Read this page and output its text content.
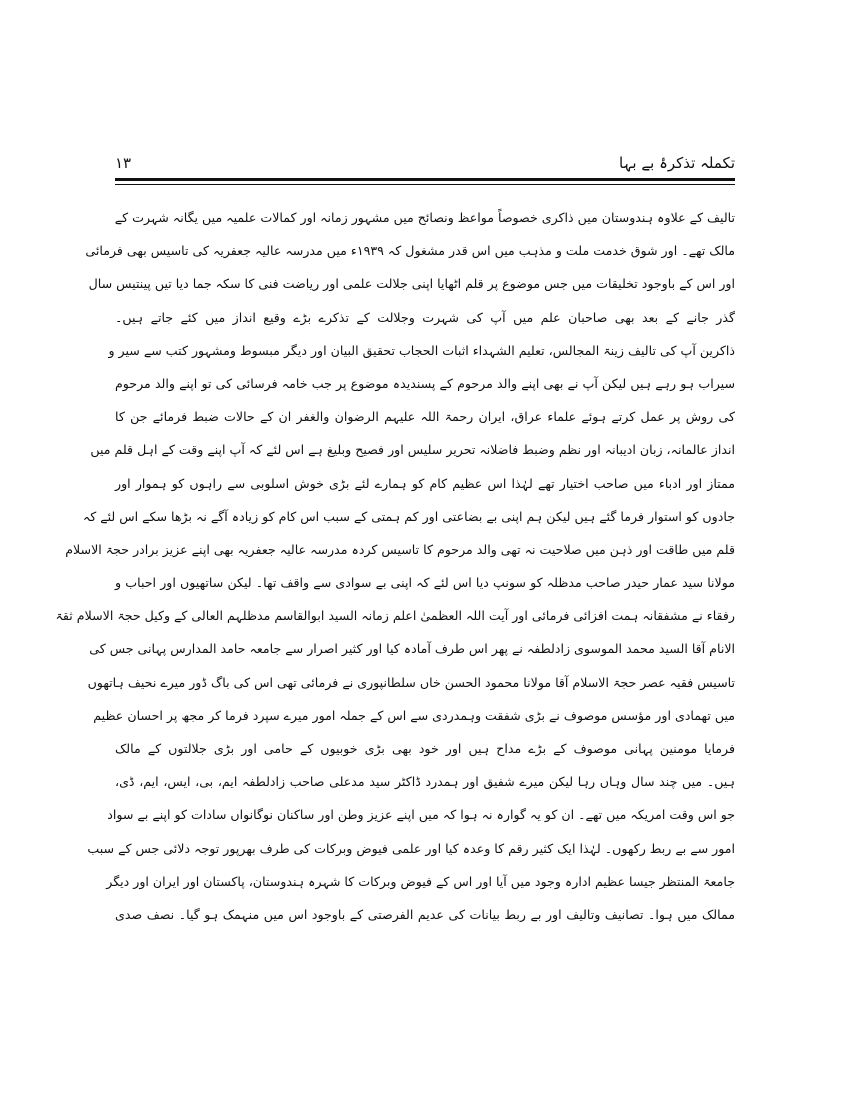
تکملہ تذکرۂ بے بہا
۱۳
تالیف کے علاوہ ہندوستان میں ذاکری خصوصاً مواعظ ونصائح میں مشہور زمانہ اور کمالات علمیہ میں یگانہ شہرت کے
مالک تھے۔ اور شوق خدمت ملت و مذہب میں اس قدر مشغول کہ ۱۹۳۹ء میں مدرسہ عالیہ جعفریہ کی تاسیس بھی فرمائی
اور اس کے باوجود تخلیقات میں جس موضوع پر قلم اٹھایا اپنی جلالت علمی اور ریاضت فنی کا سکہ جما دیا تیں پینتیس سال
گذر جانے کے بعد بھی صاحبان علم میں آپ کی شہرت وجلالت کے تذکرے بڑے وقیع انداز میں کئے جاتے ہیں۔
ذاکرین آپ کی تالیف زینۃ المجالس، تعلیم الشہداء اثبات الحجاب تحقیق البیان اور دیگر مبسوط ومشہور کتب سے سیر و
سیراب ہو رہے ہیں لیکن آپ نے بھی اپنے والد مرحوم کے پسندیدہ موضوع پر جب خامہ فرسائی کی تو اپنے والد مرحوم
کی روش پر عمل کرتے ہوئے علماء عراق، ایران رحمۃ اللہ علیہم الرضوان والغفر ان کے حالات ضبط فرمائے جن کا
انداز عالمانہ، زبان ادیبانہ اور نظم وضبط فاضلانہ تحریر سلیس اور فصیح وبلیغ ہے اس لئے کہ آپ اپنے وقت کے اہل قلم میں
ممتاز اور ادباء میں صاحب اختیار تھے لہٰذا اس عظیم کام کو ہمارے لئے بڑی خوش اسلوبی سے راہوں کو ہموار اور
جادوں کو استوار فرما گئے ہیں لیکن ہم اپنی بے بضاعتی اور کم ہمتی کے سبب اس کام کو زیادہ آگے نہ بڑھا سکے اس لئے کہ
قلم میں طاقت اور ذہن میں صلاحیت نہ تھی والد مرحوم کا تاسیس کردہ مدرسہ عالیہ جعفریہ بھی اپنے عزیز برادر حجۃ الاسلام
مولانا سید عمار حیدر صاحب مدظلہ کو سونپ دیا اس لئے کہ اپنی بے سوادی سے واقف تھا۔ لیکن ساتھیوں اور احباب و
رفقاء نے مشفقانہ ہمت افزائی فرمائی اور آیت اللہ العظمیٰ اعلم زمانہ السید ابوالقاسم مدظلہم العالی کے وکیل حجۃ الاسلام ثقۃ
الانام آقا السید محمد الموسوی زادلطفہ نے پھر اس طرف آمادہ کیا اور کثیر اصرار سے جامعہ حامد المدارس پہانی جس کی
تاسیس فقیہ عصر حجۃ الاسلام آقا مولانا محمود الحسن خاں سلطانپوری نے فرمائی تھی اس کی باگ ڈور میرے نحیف ہاتھوں
میں تھمادی اور مؤسس موصوف نے بڑی شفقت وہمدردی سے اس کے جملہ امور میرے سپرد فرما کر مجھ پر احسان عظیم
فرمایا مومنین پہانی موصوف کے بڑے مداح ہیں اور خود بھی بڑی خوبیوں کے حامی اور بڑی جلالتوں کے مالک
ہیں۔ میں چند سال وہاں رہا لیکن میرے شفیق اور ہمدرد ڈاکٹر سید مدعلی صاحب زادلطفہ ایم، بی، ایس، ایم، ڈی،
جو اس وقت امریکہ میں تھے۔ ان کو یہ گوارہ نہ ہوا کہ میں اپنے عزیز وطن اور ساکنان نوگانواں سادات کو اپنے بے سواد
امور سے بے ربط رکھوں۔ لہٰذا ایک کثیر رقم کا وعدہ کیا اور علمی فیوض وبرکات کی طرف بھرپور توجہ دلائی جس کے سبب
جامعۃ المنتظر جیسا عظیم ادارہ وجود میں آیا اور اس کے فیوض وبرکات کا شہرہ ہندوستان، پاکستان اور ایران اور دیگر
ممالک میں ہوا۔ تصانیف وتالیف اور بے ربط بیانات کی عدیم الفرصتی کے باوجود اس میں منہمک ہو گیا۔ نصف صدی
